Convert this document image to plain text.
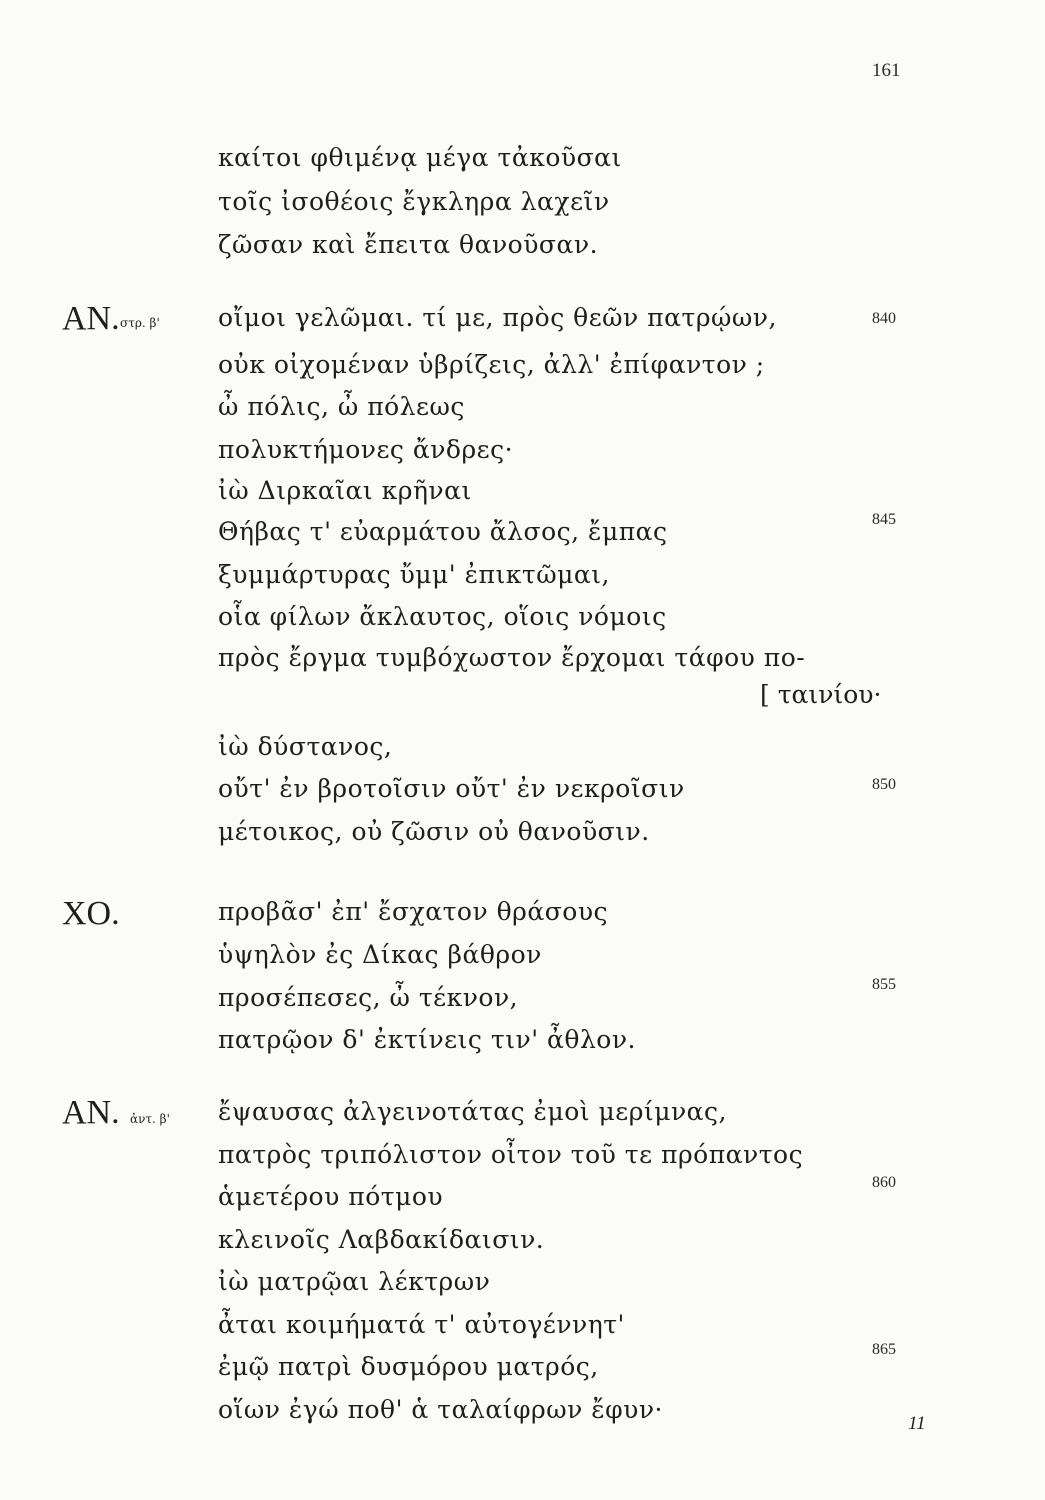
161
καίτοι φθιμένᾳ μέγα τἀκοῦσαι
τοῖς ἰσοθέοις ἔγκληρα λαχεῖν
ζῶσαν καὶ ἔπειτα θανοῦσαν.
ΑΝ. στρ. β' οἴμοι γελῶμαι. τί με, πρὸς θεῶν πατρῴων,	840
οὐκ οἰχομέναν ὑβρίζεις, ἀλλ' ἐπίφαντον ;
ὦ πόλις, ὦ πόλεως
πολυκτήμονες ἄνδρες·
ἰὼ Διρκαῖαι κρῆναι
Θήβας τ' εὐαρμάτου ἄλσος, ἔμπας	845
ξυμμάρτυρας ὔμμ' ἐπικτῶμαι,
οἷα φίλων ἄκλαυτος, οἵοις νόμοις
πρὸς ἔργμα τυμβόχωστον ἔρχομαι τάφου πο-
[ ταινίου·
ἰὼ δύστανος,
οὔτ' ἐν βροτοῖσιν οὔτ' ἐν νεκροῖσιν	850
μέτοικος, οὐ ζῶσιν οὐ θανοῦσιν.
ΧΟ.	προβᾶσ' ἐπ' ἔσχατον θράσους
ὑψηλὸν ἐς Δίκας βάθρον
προσέπεσες, ὦ τέκνον,	855
πατρῷον δ' ἐκτίνεις τιν' ἆθλον.
ΑΝ. ἀντ. β' ἔψαυσας ἀλγεινοτάτας ἐμοὶ μερίμνας,
πατρὸς τριπόλιστον οἶτον τοῦ τε πρόπαντος
ἁμετέρου πότμου	860
κλεινοῖς Λαβδακίδαισιν.
ἰὼ ματρῷαι λέκτρων
ἆται κοιμήματά τ' αὐτογέννητ'
ἐμῷ πατρὶ δυσμόρου ματρός,
865
οἵων ἐγώ ποθ' ἁ ταλαίφρων ἔφυν·	11
